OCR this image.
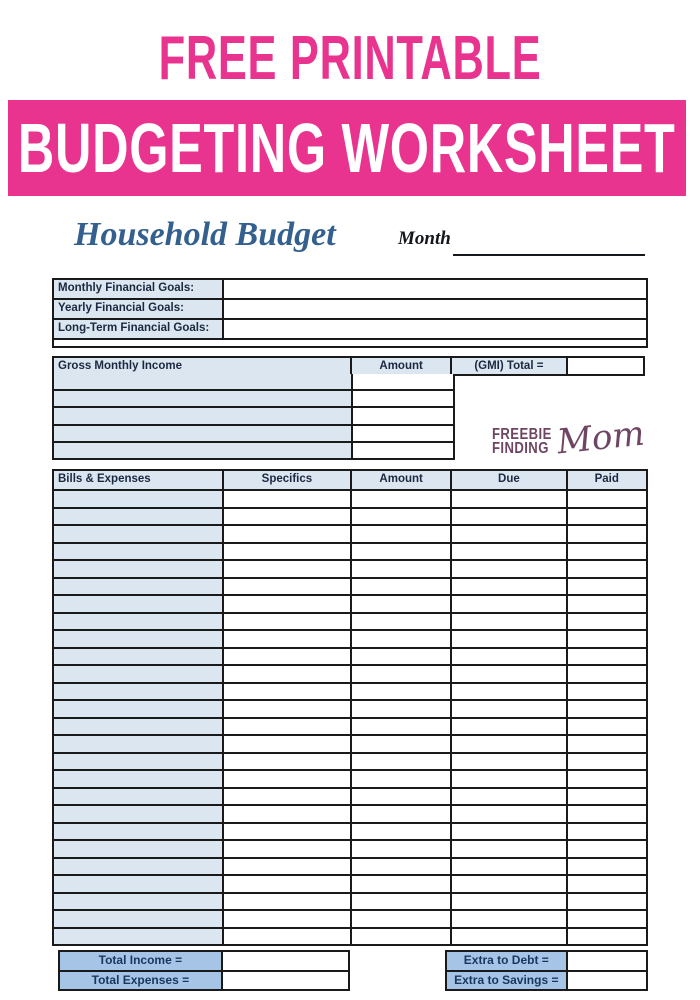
FREE PRINTABLE
BUDGETING WORKSHEET
Household Budget	Month
Monthly Financial Goals:
Yearly Financial Goals:
Long-Term Financial Goals:
Gross Monthly Income	Amount	(GMI) Total =
FREEBIE
FINDING Mom
Bills & Expenses	Specifics	Amount	Due	Paid
Total Income =
Total Expenses =
Extra to Debt =
Extra to Savings =
